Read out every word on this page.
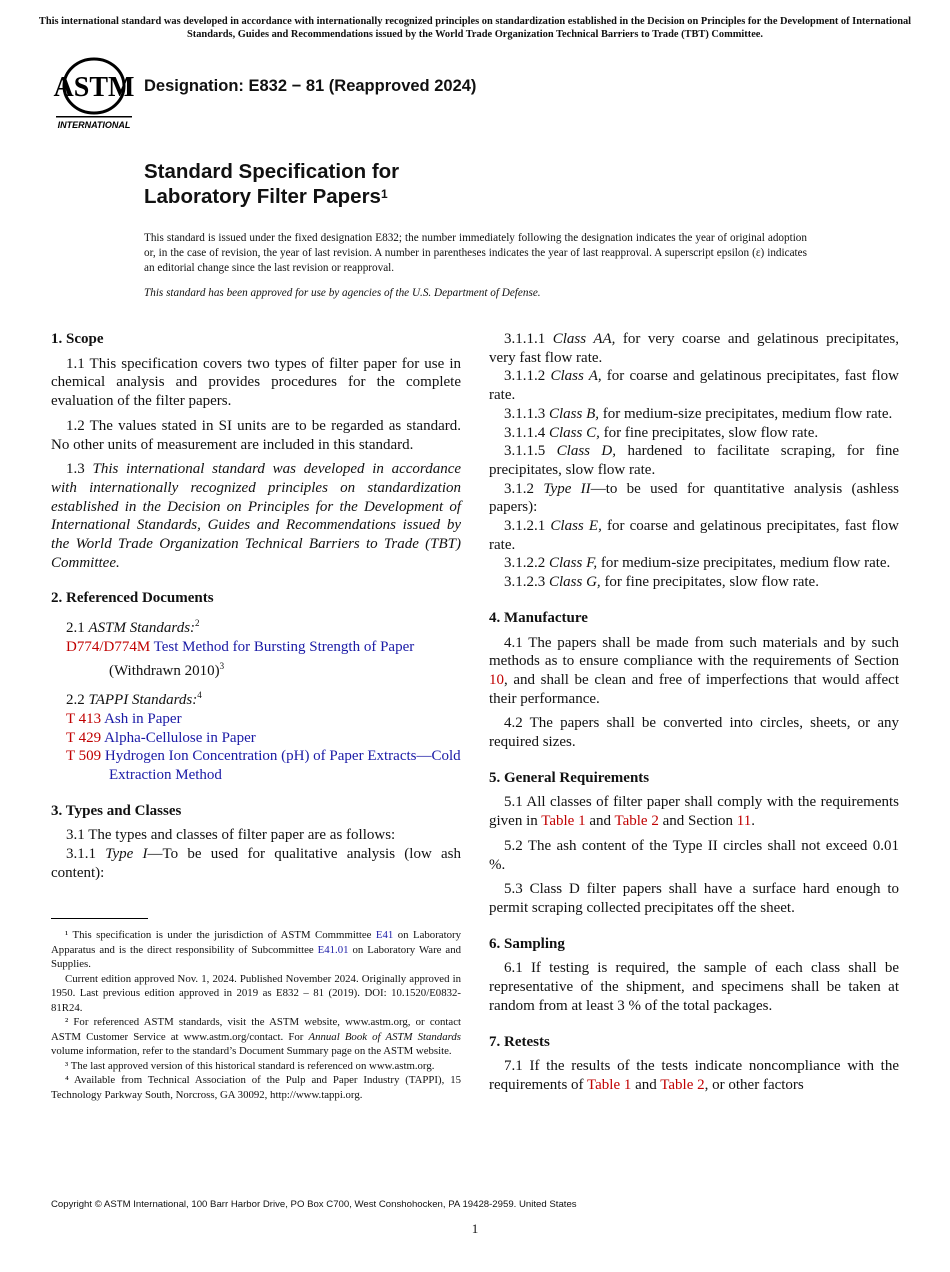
This international standard was developed in accordance with internationally recognized principles on standardization established in the Decision on Principles for the Development of International Standards, Guides and Recommendations issued by the World Trade Organization Technical Barriers to Trade (TBT) Committee.
ASTM
INTERNATIONAL
Designation: E832 − 81 (Reapproved 2024)
Standard Specification for
Laboratory Filter Papers$^1$

This standard is issued under the fixed designation E832; the number immediately following the designation indicates the year of original adoption or, in the case of revision, the year of last revision. A number in parentheses indicates the year of last reapproval. A superscript epsilon (ε) indicates an editorial change since the last revision or reapproval.

This standard has been approved for use by agencies of the U.S. Department of Defense.

1. Scope

1.1 This specification covers two types of filter paper for use in chemical analysis and provides procedures for the complete evaluation of the filter papers.

1.2 The values stated in SI units are to be regarded as standard. No other units of measurement are included in this standard.

1.3 This international standard was developed in accordance with internationally recognized principles on standardization established in the Decision on Principles for the Development of International Standards, Guides and Recommendations issued by the World Trade Organization Technical Barriers to Trade (TBT) Committee.

2. Referenced Documents

2.1 ASTM Standards:$^2$

D774/D774M Test Method for Bursting Strength of Paper (Withdrawn 2010)$^3$

2.2 TAPPI Standards:$^4$

T 413 Ash in Paper

T 429 Alpha-Cellulose in Paper

T 509 Hydrogen Ion Concentration (pH) of Paper Extracts—Cold Extraction Method

3. Types and Classes

3.1 The types and classes of filter paper are as follows:

3.1.1 Type I—To be used for qualitative analysis (low ash content):

¹ This specification is under the jurisdiction of ASTM Commmittee E41 on Laboratory Apparatus and is the direct responsibility of Subcommittee E41.01 on Laboratory Ware and Supplies.

Current edition approved Nov. 1, 2024. Published November 2024. Originally approved in 1950. Last previous edition approved in 2019 as E832 – 81 (2019). DOI: 10.1520/E0832-81R24.

² For referenced ASTM standards, visit the ASTM website, www.astm.org, or contact ASTM Customer Service at www.astm.org/contact. For Annual Book of ASTM Standards volume information, refer to the standard’s Document Summary page on the ASTM website.

³ The last approved version of this historical standard is referenced on www.astm.org.

⁴ Available from Technical Association of the Pulp and Paper Industry (TAPPI), 15 Technology Parkway South, Norcross, GA 30092, http://www.tappi.org.

3.1.1.1 Class AA, for very coarse and gelatinous precipitates, very fast flow rate.

3.1.1.2 Class A, for coarse and gelatinous precipitates, fast flow rate.

3.1.1.3 Class B, for medium-size precipitates, medium flow rate.

3.1.1.4 Class C, for fine precipitates, slow flow rate.

3.1.1.5 Class D, hardened to facilitate scraping, for fine precipitates, slow flow rate.

3.1.2 Type II—to be used for quantitative analysis (ashless papers):

3.1.2.1 Class E, for coarse and gelatinous precipitates, fast flow rate.

3.1.2.2 Class F, for medium-size precipitates, medium flow rate.

3.1.2.3 Class G, for fine precipitates, slow flow rate.

4. Manufacture

4.1 The papers shall be made from such materials and by such methods as to ensure compliance with the requirements of Section 10, and shall be clean and free of imperfections that would affect their performance.

4.2 The papers shall be converted into circles, sheets, or any required sizes.

5. General Requirements

5.1 All classes of filter paper shall comply with the requirements given in Table 1 and Table 2 and Section 11.

5.2 The ash content of the Type II circles shall not exceed 0.01 %.

5.3 Class D filter papers shall have a surface hard enough to permit scraping collected precipitates off the sheet.

6. Sampling

6.1 If testing is required, the sample of each class shall be representative of the shipment, and specimens shall be taken at random from at least 3 % of the total packages.

7. Retests

7.1 If the results of the tests indicate noncompliance with the requirements of Table 1 and Table 2, or other factors

Copyright © ASTM International, 100 Barr Harbor Drive, PO Box C700, West Conshohocken, PA 19428-2959. United States
1
